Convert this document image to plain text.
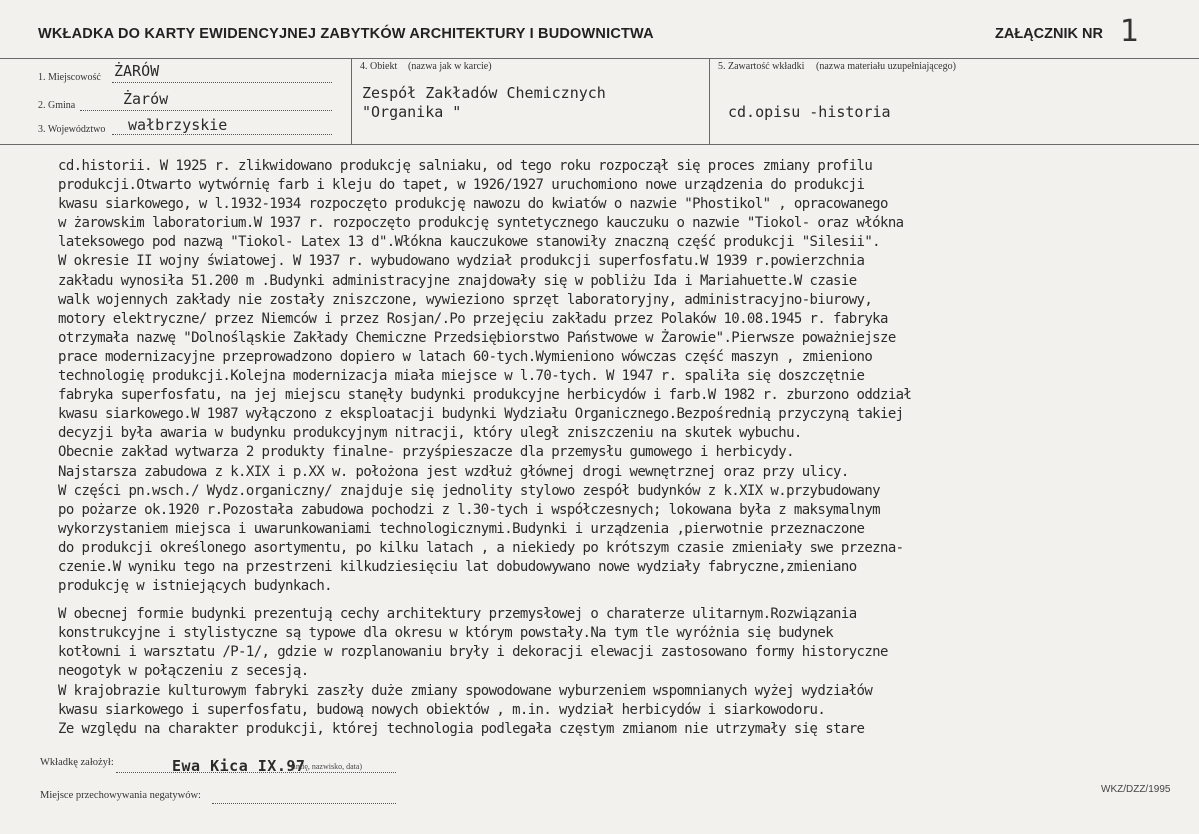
WKŁADKA DO KARTY EWIDENCYJNEJ ZABYTKÓW ARCHITEKTURY I BUDOWNICTWA	ZAŁĄCZNIK NR 1
1. Miejscowość ŻARÓW
2. Gmina	Żarów
3. Województwo wałbrzyskie
4. Obiekt (nazwa jak w karcie)
Zespół Zakładów Chemicznych
"Organika "
5. Zawartość wkładki (nazwa materiału uzupełniającego)
cd.opisu -historia
cd.historii. W 1925 r. zlikwidowano produkcję salniaku, od tego roku rozpoczął się proces zmiany profilu
produkcji.Otwarto wytwórnię farb i kleju do tapet, w 1926/1927 uruchomiono nowe urządzenia do produkcji
kwasu siarkowego, w l.1932-1934 rozpoczęto produkcję nawozu do kwiatów o nazwie "Phostikol" , opracowanego
w żarowskim laboratorium.W 1937 r. rozpoczęto produkcję syntetycznego kauczuku o nazwie "Tiokol- oraz włókna
lateksowego pod nazwą "Tiokol- Latex 13 d".Włókna kauczukowe stanowiły znaczną część produkcji "Silesii".
W okresie II wojny światowej. W 1937 r. wybudowano wydział produkcji superfosfatu.W 1939 r.powierzchnia
zakładu wynosiła 51.200 m .Budynki administracyjne znajdowały się w pobliżu Ida i Mariahuette.W czasie
walk wojennych zakłady nie zostały zniszczone, wywieziono sprzęt laboratoryjny, administracyjno-biurowy,
motory elektryczne/ przez Niemców i przez Rosjan/.Po przejęciu zakładu przez Polaków 10.08.1945 r. fabryka
otrzymała nazwę "Dolnośląskie Zakłady Chemiczne Przedsiębiorstwo Państwowe w Żarowie".Pierwsze poważniejsze
prace modernizacyjne przeprowadzono dopiero w latach 60-tych.Wymieniono wówczas część maszyn , zmieniono
technologię produkcji.Kolejna modernizacja miała miejsce w l.70-tych. W 1947 r. spaliła się doszczętnie
fabryka superfosfatu, na jej miejscu stanęły budynki produkcyjne herbicydów i farb.W 1982 r. zburzono oddział
kwasu siarkowego.W 1987 wyłączono z eksploatacji budynki Wydziału Organicznego.Bezpośrednią przyczyną takiej
decyzji była awaria w budynku produkcyjnym nitracji, który uległ zniszczeniu na skutek wybuchu.
Obecnie zakład wytwarza 2 produkty finalne- przyśpieszacze dla przemysłu gumowego i herbicydy.
Najstarsza zabudowa z k.XIX i p.XX w. położona jest wzdłuż głównej drogi wewnętrznej oraz przy ulicy.
W części pn.wsch./ Wydz.organiczny/ znajduje się jednolity stylowo zespół budynków z k.XIX w.przybudowany
po pożarze ok.1920 r.Pozostała zabudowa pochodzi z l.30-tych i współczesnych; lokowana była z maksymalnym
wykorzystaniem miejsca i uwarunkowaniami technologicznymi.Budynki i urządzenia ,pierwotnie przeznaczone
do produkcji określonego asortymentu, po kilku latach , a niekiedy po krótszym czasie zmieniały swe przezna-
czenie.W wyniku tego na przestrzeni kilkudziesięciu lat dobudowywano nowe wydziały fabryczne,zmieniano
produkcję w istniejących budynkach.
W obecnej formie budynki prezentują cechy architektury przemysłowej o charaterze ulitarnym.Rozwiązania
konstrukcyjne i stylistyczne są typowe dla okresu w którym powstały.Na tym tle wyróżnia się budynek
kotłowni i warsztatu /P-1/, gdzie w rozplanowaniu bryły i dekoracji elewacji zastosowano formy historyczne
neogotyk w połączeniu z secesją.
W krajobrazie kulturowym fabryki zaszły duże zmiany spowodowane wyburzeniem wspomnianych wyżej wydziałów
kwasu siarkowego i superfosfatu, budową nowych obiektów , m.in. wydział herbicydów i siarkowodoru.
Ze względu na charakter produkcji, której technologia podlegała częstym zmianom nie utrzymały się stare
Wkładkę założył:	Ewa Kica IX.97
(imię, nazwisko, data)
Miejsce przechowywania negatywów:
WKZ/DZZ/1995
